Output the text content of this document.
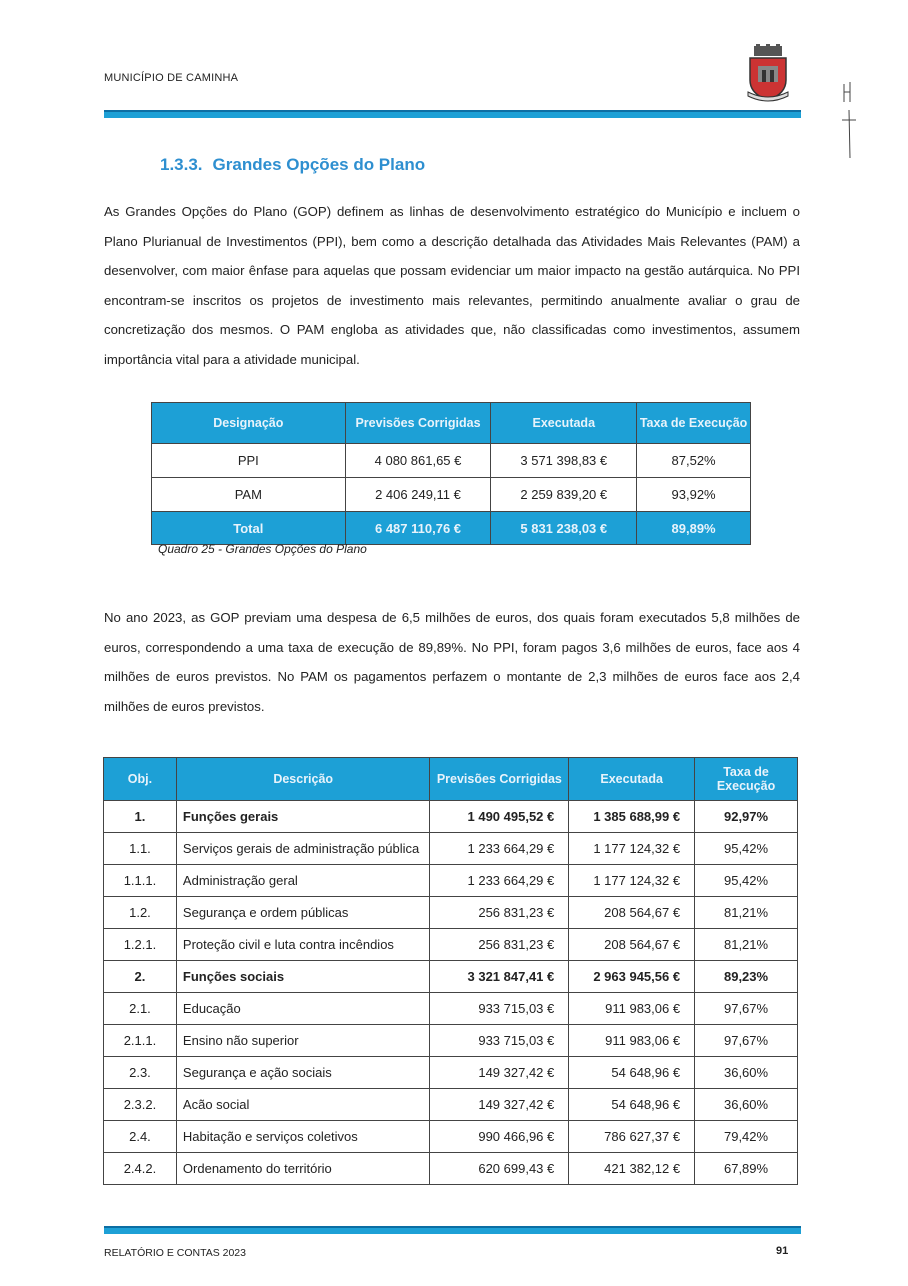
MUNICÍPIO DE CAMINHA
1.3.3. Grandes Opções do Plano

As Grandes Opções do Plano (GOP) definem as linhas de desenvolvimento estratégico do Município e incluem o Plano Plurianual de Investimentos (PPI), bem como a descrição detalhada das Atividades Mais Relevantes (PAM) a desenvolver, com maior ênfase para aquelas que possam evidenciar um maior impacto na gestão autárquica. No PPI encontram-se inscritos os projetos de investimento mais relevantes, permitindo anualmente avaliar o grau de concretização dos mesmos. O PAM engloba as atividades que, não classificadas como investimentos, assumem importância vital para a atividade municipal.

Designação	Previsões Corrigidas	Executada	Taxa de Execução
PPI	4 080 861,65 €	3 571 398,83 €	87,52%
PAM	2 406 249,11 €	2 259 839,20 €	93,92%
Total	6 487 110,76 €	5 831 238,03 €	89,89%
Quadro 25 - Grandes Opções do Plano

No ano 2023, as GOP previam uma despesa de 6,5 milhões de euros, dos quais foram executados 5,8 milhões de euros, correspondendo a uma taxa de execução de 89,89%. No PPI, foram pagos 3,6 milhões de euros, face aos 4 milhões de euros previstos. No PAM os pagamentos perfazem o montante de 2,3 milhões de euros face aos 2,4 milhões de euros previstos.

Obj.	Descrição	Previsões Corrigidas	Executada	Taxa de Execução
1.	Funções gerais	1 490 495,52 €	1 385 688,99 €	92,97%
1.1.	Serviços gerais de administração pública	1 233 664,29 €	1 177 124,32 €	95,42%
1.1.1.	Administração geral	1 233 664,29 €	1 177 124,32 €	95,42%
1.2.	Segurança e ordem públicas	256 831,23 €	208 564,67 €	81,21%
1.2.1.	Proteção civil e luta contra incêndios	256 831,23 €	208 564,67 €	81,21%
2.	Funções sociais	3 321 847,41 €	2 963 945,56 €	89,23%
2.1.	Educação	933 715,03 €	911 983,06 €	97,67%
2.1.1.	Ensino não superior	933 715,03 €	911 983,06 €	97,67%
2.3.	Segurança e ação sociais	149 327,42 €	54 648,96 €	36,60%
2.3.2.	Acão social	149 327,42 €	54 648,96 €	36,60%
2.4.	Habitação e serviços coletivos	990 466,96 €	786 627,37 €	79,42%
2.4.2.	Ordenamento do território	620 699,43 €	421 382,12 €	67,89%
RELATÓRIO E CONTAS 2023	91
